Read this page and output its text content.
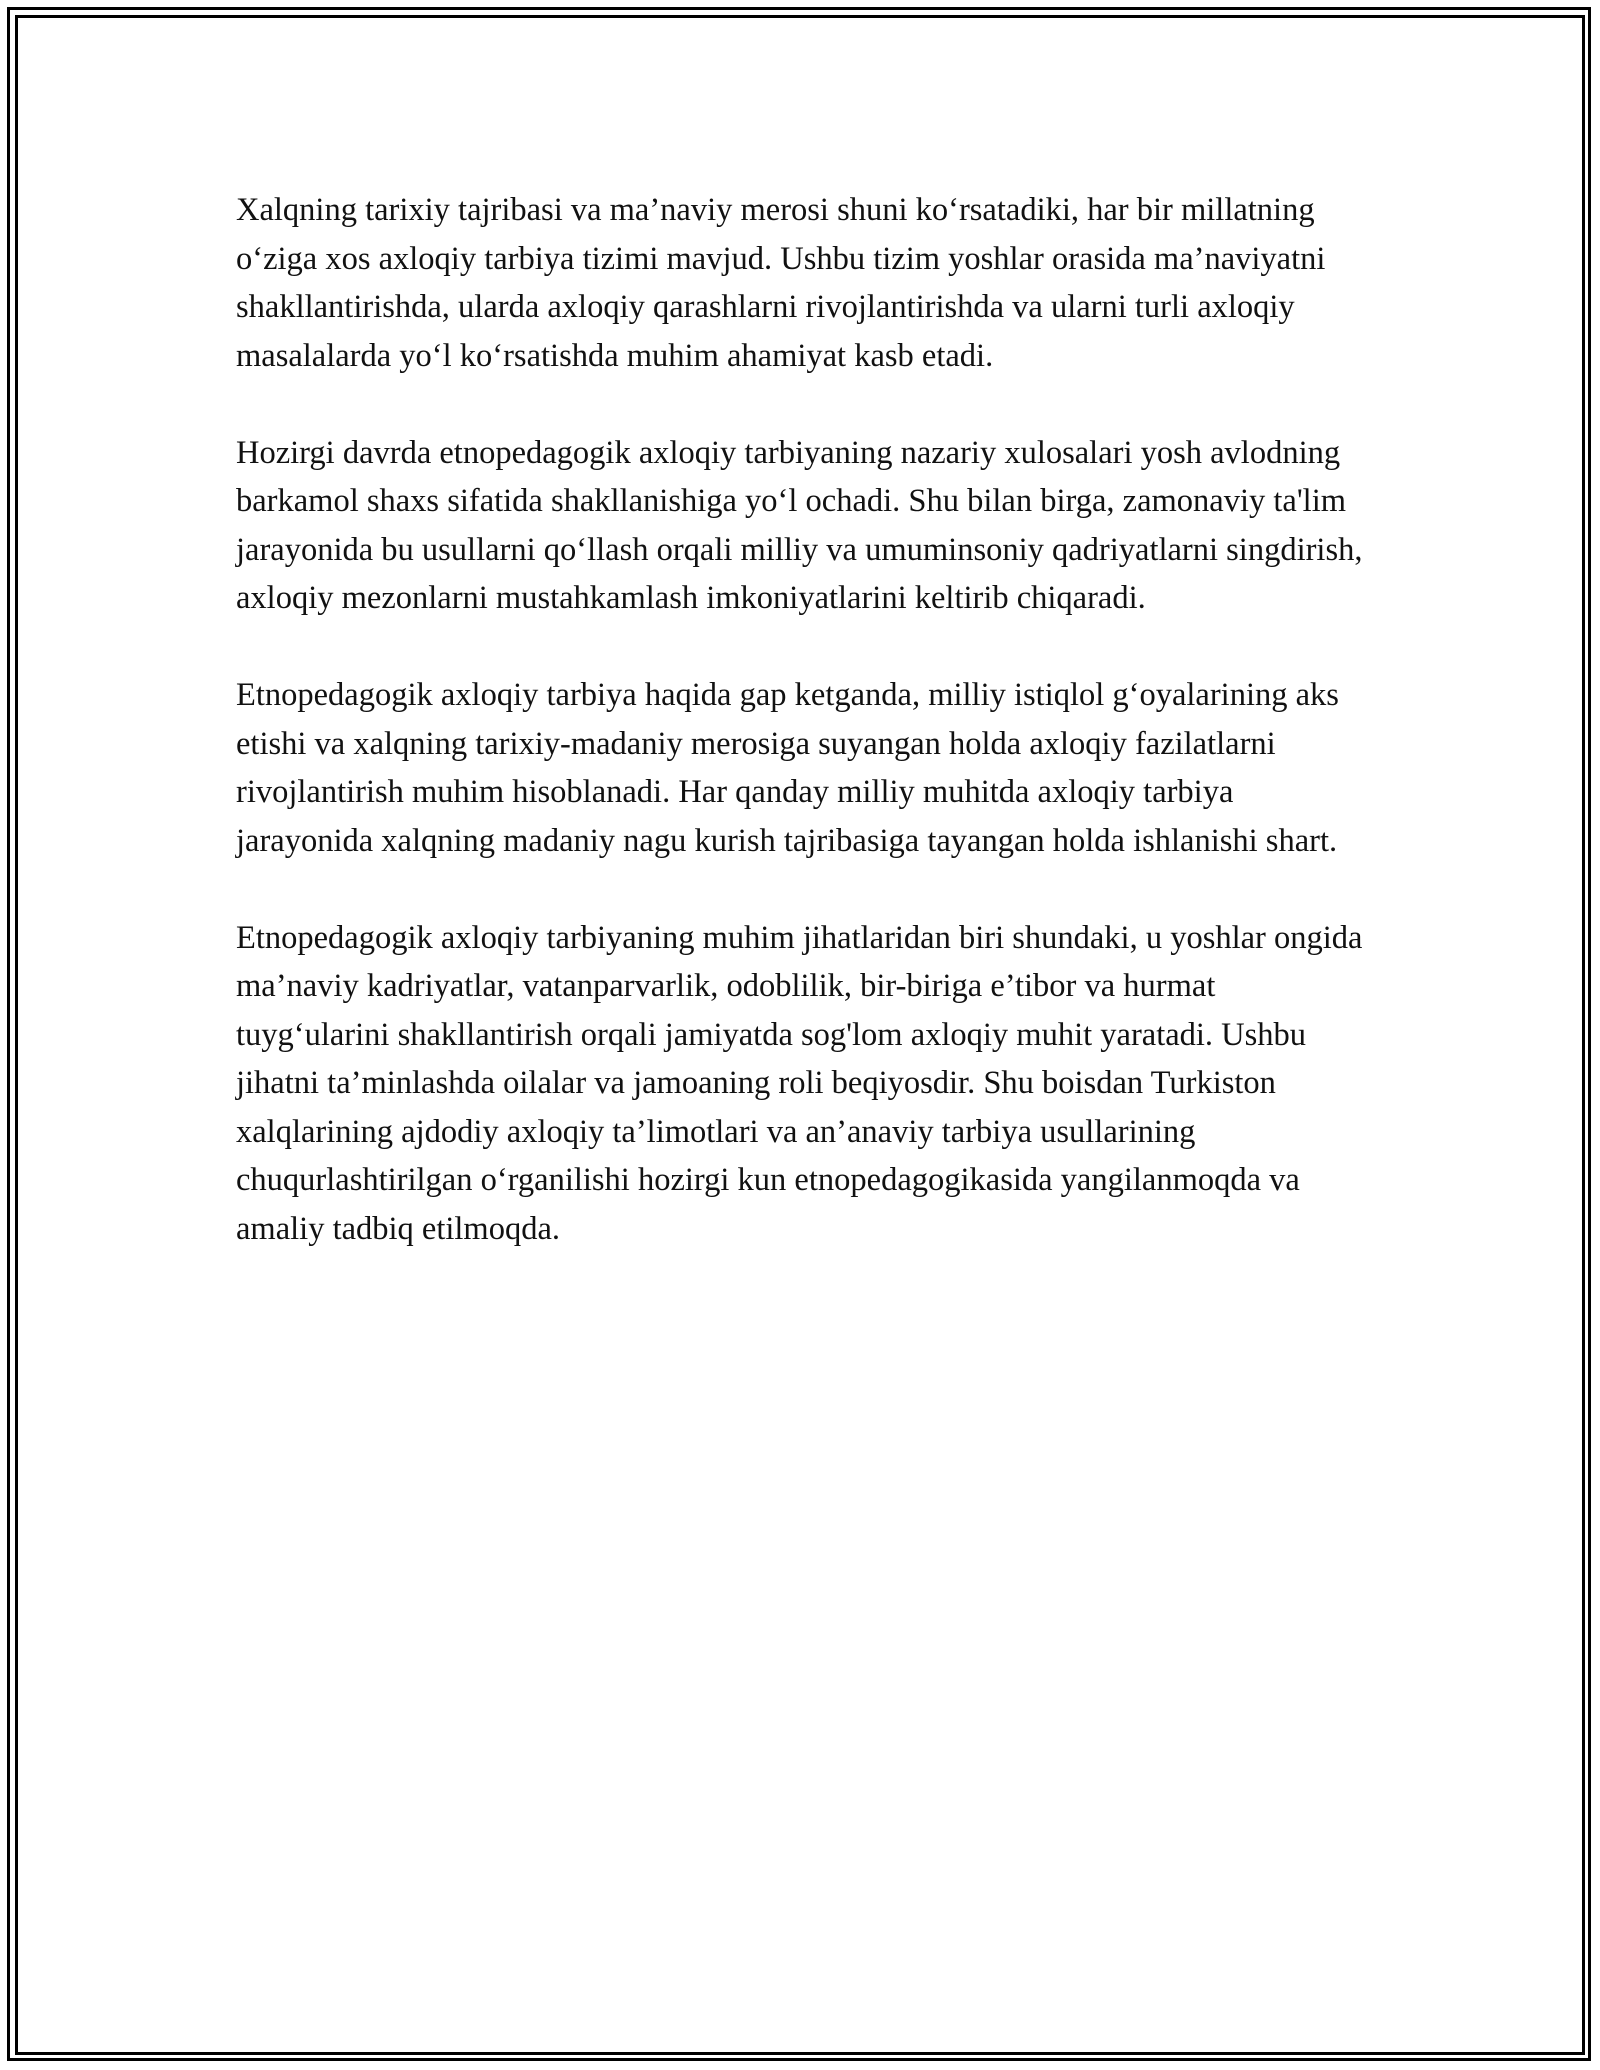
Xalqning tarixiy tajribasi va ma’naviy merosi shuni ko‘rsatadiki, har bir millatning o‘ziga xos axloqiy tarbiya tizimi mavjud. Ushbu tizim yoshlar orasida ma’naviyatni shakllantirishda, ularda axloqiy qarashlarni rivojlantirishda va ularni turli axloqiy masalalarda yo‘l ko‘rsatishda muhim ahamiyat kasb etadi.

Hozirgi davrda etnopedagogik axloqiy tarbiyaning nazariy xulosalari yosh avlodning barkamol shaxs sifatida shakllanishiga yo‘l ochadi. Shu bilan birga, zamonaviy ta'lim jarayonida bu usullarni qo‘llash orqali milliy va umuminsoniy qadriyatlarni singdirish, axloqiy mezonlarni mustahkamlash imkoniyatlarini keltirib chiqaradi.

Etnopedagogik axloqiy tarbiya haqida gap ketganda, milliy istiqlol g‘oyalarining aks etishi va xalqning tarixiy-madaniy merosiga suyangan holda axloqiy fazilatlarni rivojlantirish muhim hisoblanadi. Har qanday milliy muhitda axloqiy tarbiya jarayonida xalqning madaniy nagu kurish tajribasiga tayangan holda ishlanishi shart.

Etnopedagogik axloqiy tarbiyaning muhim jihatlaridan biri shundaki, u yoshlar ongida ma’naviy kadriyatlar, vatanparvarlik, odoblilik, bir-biriga e’tibor va hurmat tuyg‘ularini shakllantirish orqali jamiyatda sog'lom axloqiy muhit yaratadi. Ushbu jihatni ta’minlashda oilalar va jamoaning roli beqiyosdir. Shu boisdan Turkiston xalqlarining ajdodiy axloqiy ta’limotlari va an’anaviy tarbiya usullarining chuqurlashtirilgan o‘rganilishi hozirgi kun etnopedagogikasida yangilanmoqda va amaliy tadbiq etilmoqda.
